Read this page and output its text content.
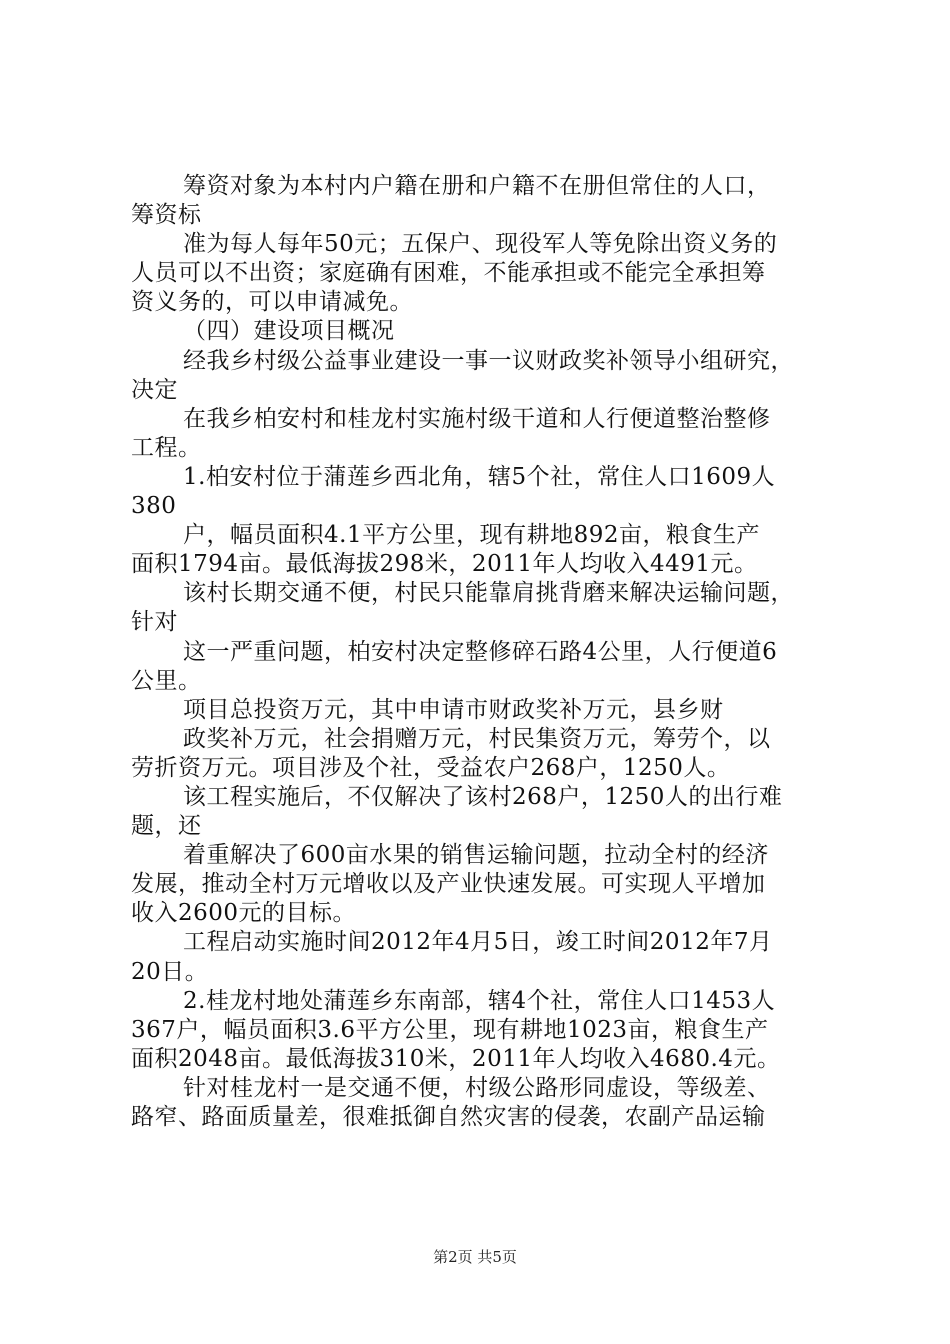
筹资对象为本村内户籍在册和户籍不在册但常住的人口，
筹资标
准为每人每年50元；五保户、现役军人等免除出资义务的
人员可以不出资；家庭确有困难，不能承担或不能完全承担筹
资义务的，可以申请减免。
（四）建设项目概况
经我乡村级公益事业建设一事一议财政奖补领导小组研究，
决定
在我乡柏安村和桂龙村实施村级干道和人行便道整治整修
工程。
1.柏安村位于蒲莲乡西北角，辖5个社，常住人口1609人
380
户，幅员面积4.1平方公里，现有耕地892亩，粮食生产
面积1794亩。最低海拔298米，2011年人均收入4491元。
该村长期交通不便，村民只能靠肩挑背磨来解决运输问题，
针对
这一严重问题，柏安村决定整修碎石路4公里，人行便道6
公里。
项目总投资万元，其中申请市财政奖补万元，县乡财
政奖补万元，社会捐赠万元，村民集资万元，筹劳个，以
劳折资万元。项目涉及个社，受益农户268户，1250人。
该工程实施后，不仅解决了该村268户，1250人的出行难
题，还
着重解决了600亩水果的销售运输问题，拉动全村的经济
发展，推动全村万元增收以及产业快速发展。可实现人平增加
收入2600元的目标。
工程启动实施时间2012年4月5日，竣工时间2012年7月
20日。
2.桂龙村地处蒲莲乡东南部，辖4个社，常住人口1453人
367户，幅员面积3.6平方公里，现有耕地1023亩，粮食生产
面积2048亩。最低海拔310米，2011年人均收入4680.4元。
针对桂龙村一是交通不便，村级公路形同虚设，等级差、
路窄、路面质量差，很难抵御自然灾害的侵袭，农副产品运输
第2页 共5页
